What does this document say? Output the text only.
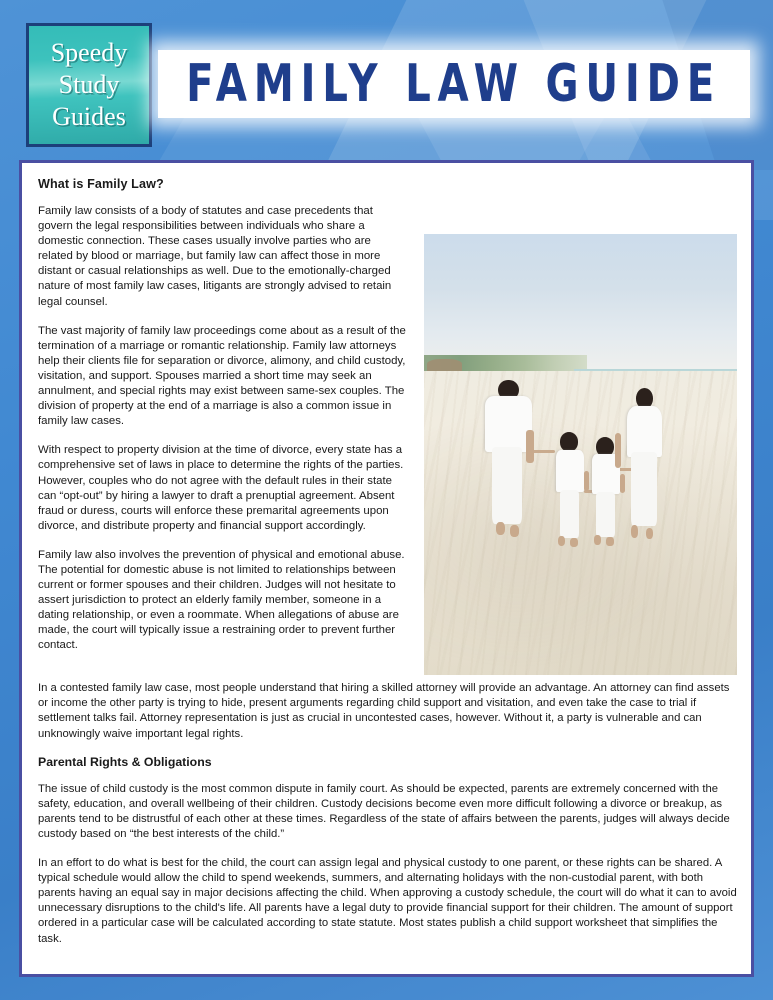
Speedy
Study
Guides
FAMILY LAW GUIDE
What is Family Law?

Family law consists of a body of statutes and case precedents that govern the legal responsibilities between individuals who share a domestic connection. These cases usually involve parties who are related by blood or marriage, but family law can affect those in more distant or casual relationships as well. Due to the emotionally-charged nature of most family law cases, litigants are strongly advised to retain legal counsel.

The vast majority of family law proceedings come about as a result of the termination of a marriage or romantic relationship. Family law attorneys help their clients file for separation or divorce, alimony, and child custody, visitation, and support. Spouses married a short time may seek an annulment, and special rights may exist between same-sex couples. The division of property at the end of a marriage is also a common issue in family law cases.

With respect to property division at the time of divorce, every state has a comprehensive set of laws in place to determine the rights of the parties. However, couples who do not agree with the default rules in their state can “opt-out” by hiring a lawyer to draft a prenuptial agreement. Absent fraud or duress, courts will enforce these premarital agreements upon divorce, and distribute property and financial support accordingly.

Family law also involves the prevention of physical and emotional abuse. The potential for domestic abuse is not limited to relationships between current or former spouses and their children. Judges will not hesitate to assert jurisdiction to protect an elderly family member, someone in a dating relationship, or even a roommate. When allegations of abuse are made, the court will typically issue a restraining order to prevent further contact.

In a contested family law case, most people understand that hiring a skilled attorney will provide an advantage. An attorney can find assets or income the other party is trying to hide, present arguments regarding child support and visitation, and even take the case to trial if settlement talks fail. Attorney representation is just as crucial in uncontested cases, however. Without it, a party is vulnerable and can unknowingly waive important legal rights.

Parental Rights & Obligations

The issue of child custody is the most common dispute in family court. As should be expected, parents are extremely concerned with the safety, education, and overall wellbeing of their children. Custody decisions become even more difficult following a divorce or breakup, as parents tend to be distrustful of each other at these times. Regardless of the state of affairs between the parents, judges will always decide custody based on “the best interests of the child.”

In an effort to do what is best for the child, the court can assign legal and physical custody to one parent, or these rights can be shared. A typical schedule would allow the child to spend weekends, summers, and alternating holidays with the non-custodial parent, with both parents having an equal say in major decisions affecting the child. When approving a custody schedule, the court will do what it can to avoid unnecessary disruptions to the child's life. All parents have a legal duty to provide financial support for their children. The amount of support ordered in a particular case will be calculated according to state statute. Most states publish a child support worksheet that simplifies the task.
